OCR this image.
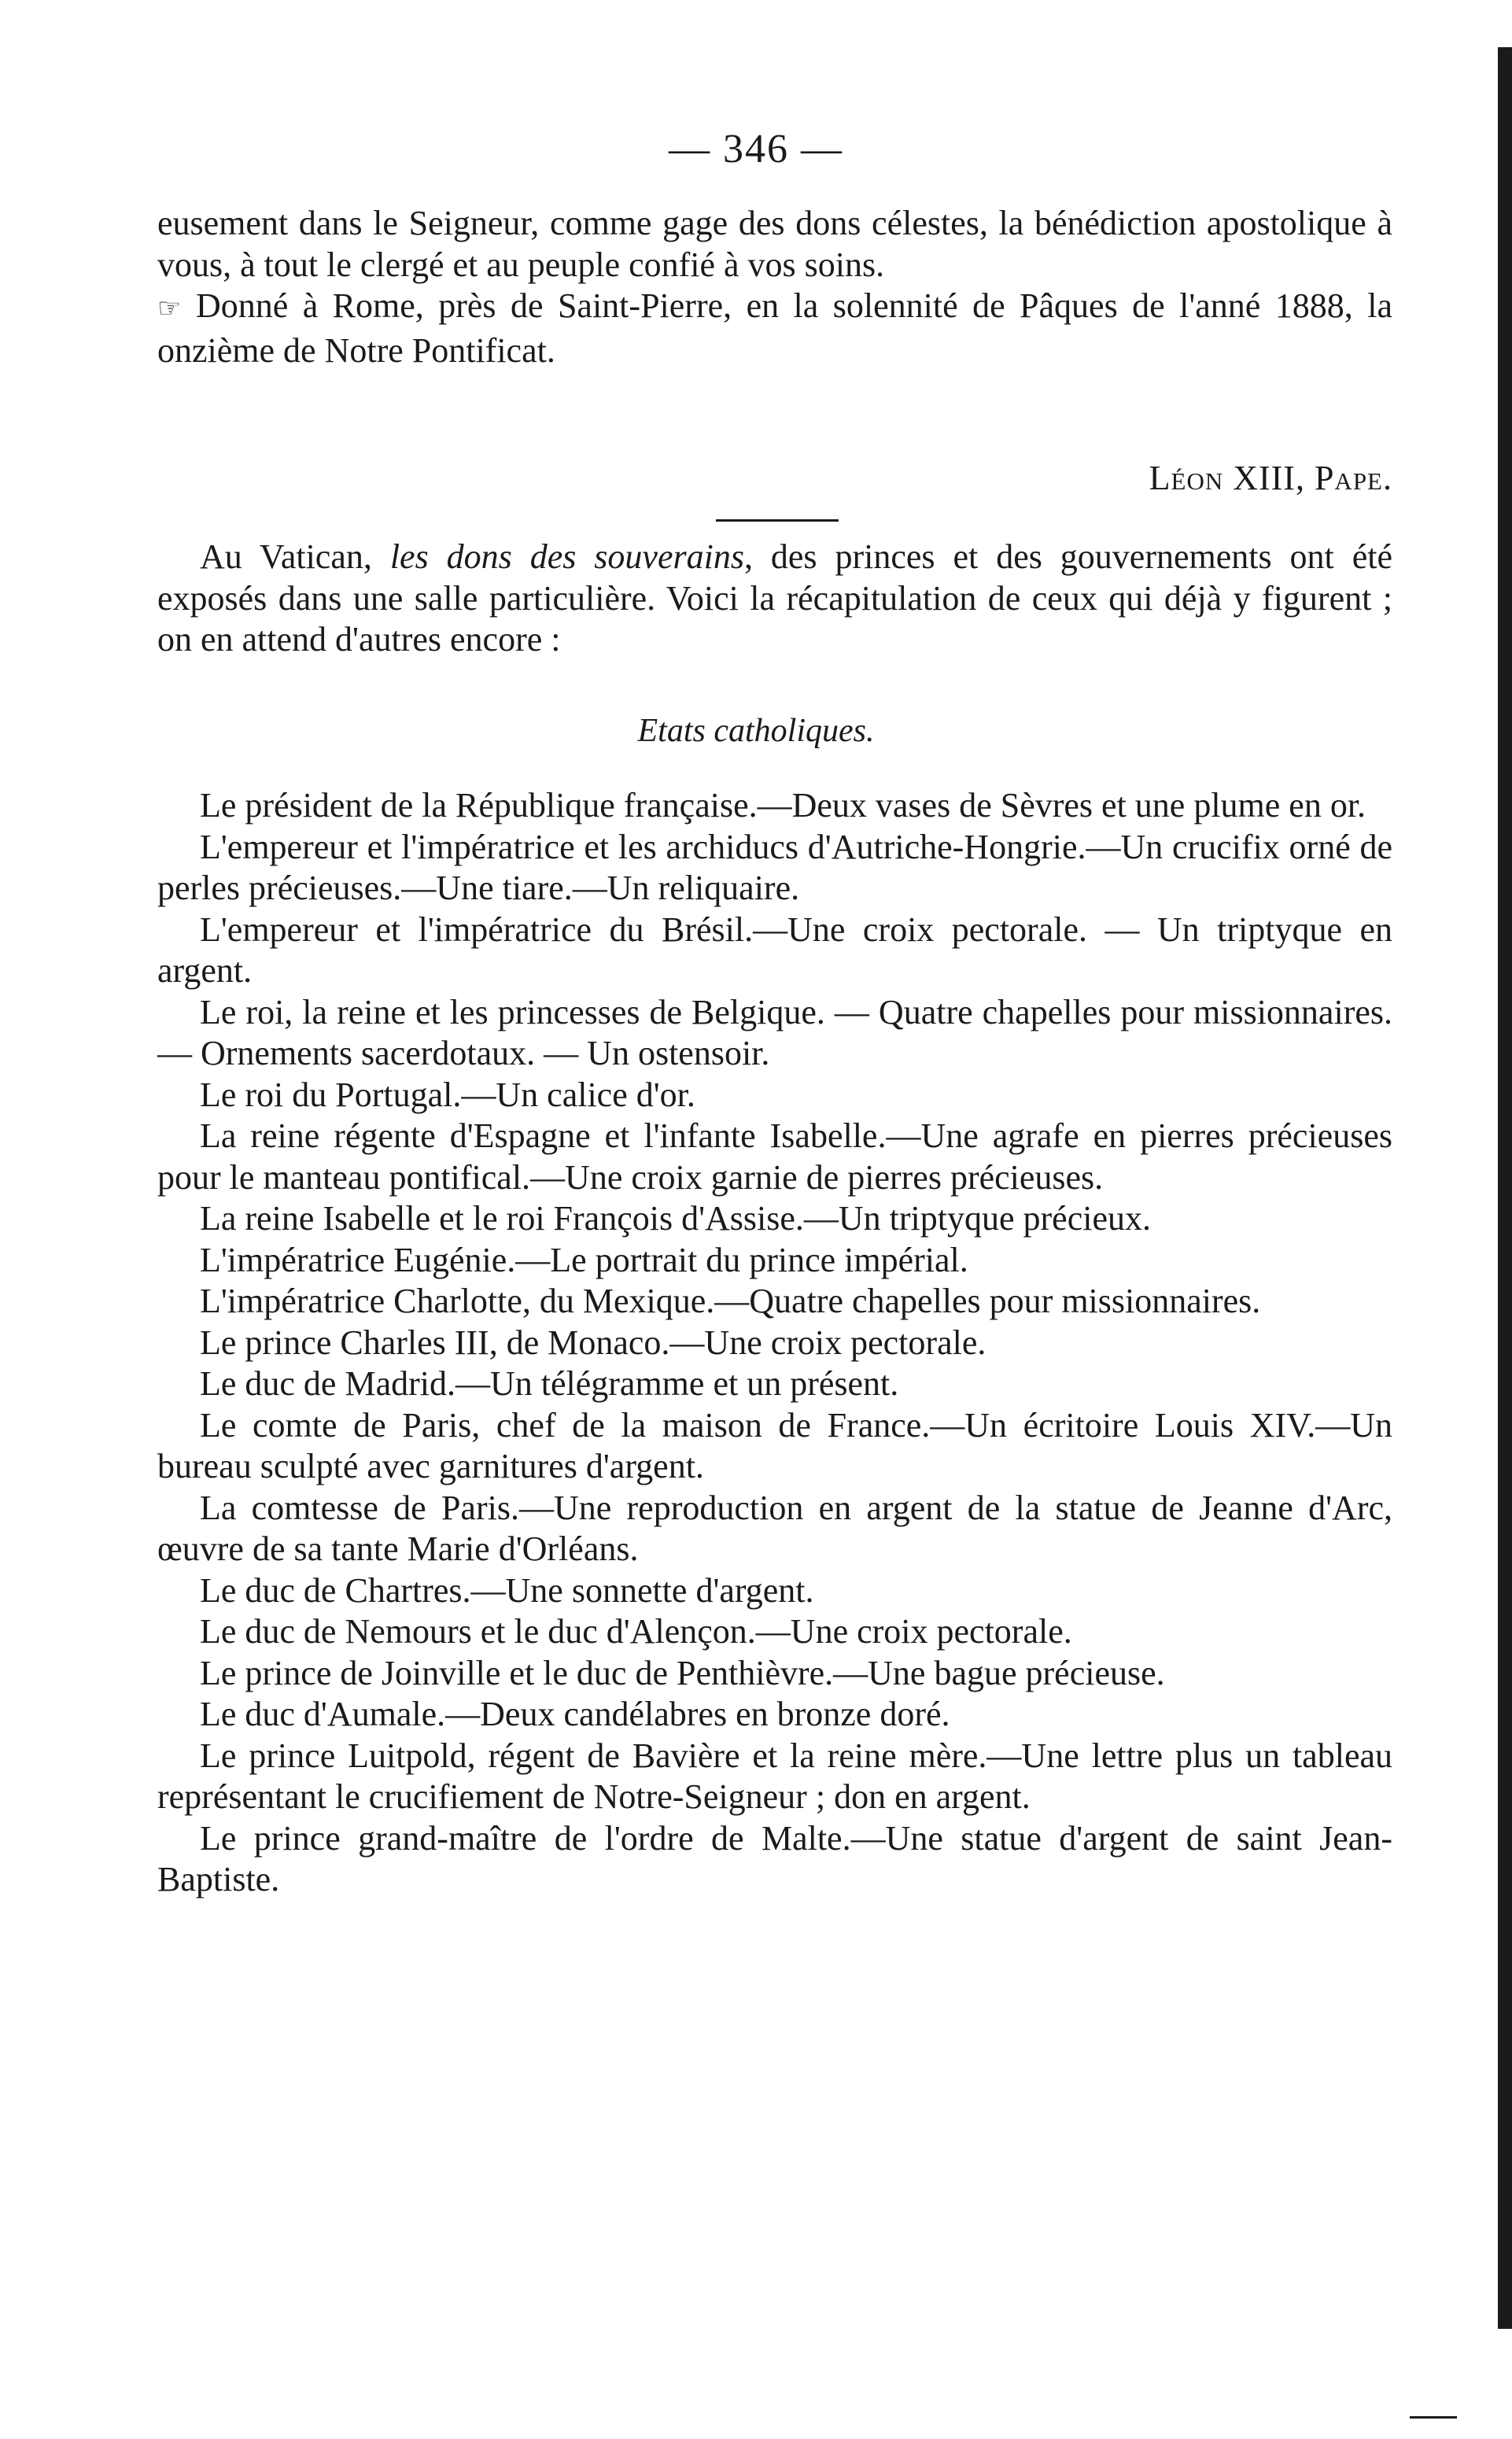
— 346 —

eusement dans le Seigneur, comme gage des dons célestes, la bénédiction apostolique à vous, à tout le clergé et au peuple confié à vos soins.

☞ Donné à Rome, près de Saint-Pierre, en la solennité de Pâques de l'anné 1888, la onzième de Notre Pontificat.

Léon XIII, Pape.

Au Vatican, les dons des souverains, des princes et des gouvernements ont été exposés dans une salle particulière. Voici la récapitulation de ceux qui déjà y figurent ; on en attend d'autres encore :

Etats catholiques.

Le président de la République française.—Deux vases de Sèvres et une plume en or.

L'empereur et l'impératrice et les archiducs d'Autriche-Hongrie.—Un crucifix orné de perles précieuses.—Une tiare.—Un reliquaire.

L'empereur et l'impératrice du Brésil.—Une croix pectorale. — Un triptyque en argent.

Le roi, la reine et les princesses de Belgique. — Quatre chapelles pour missionnaires.— Ornements sacerdotaux. — Un ostensoir.

Le roi du Portugal.—Un calice d'or.

La reine régente d'Espagne et l'infante Isabelle.—Une agrafe en pierres précieuses pour le manteau pontifical.—Une croix garnie de pierres précieuses.

La reine Isabelle et le roi François d'Assise.—Un triptyque précieux.

L'impératrice Eugénie.—Le portrait du prince impérial.

L'impératrice Charlotte, du Mexique.—Quatre chapelles pour missionnaires.

Le prince Charles III, de Monaco.—Une croix pectorale.

Le duc de Madrid.—Un télégramme et un présent.

Le comte de Paris, chef de la maison de France.—Un écritoire Louis XIV.—Un bureau sculpté avec garnitures d'argent.

La comtesse de Paris.—Une reproduction en argent de la statue de Jeanne d'Arc, œuvre de sa tante Marie d'Orléans.

Le duc de Chartres.—Une sonnette d'argent.

Le duc de Nemours et le duc d'Alençon.—Une croix pectorale.

Le prince de Joinville et le duc de Penthièvre.—Une bague précieuse.

Le duc d'Aumale.—Deux candélabres en bronze doré.

Le prince Luitpold, régent de Bavière et la reine mère.—Une lettre plus un tableau représentant le crucifiement de Notre-Seigneur ; don en argent.

Le prince grand-maître de l'ordre de Malte.—Une statue d'argent de saint Jean-Baptiste.
